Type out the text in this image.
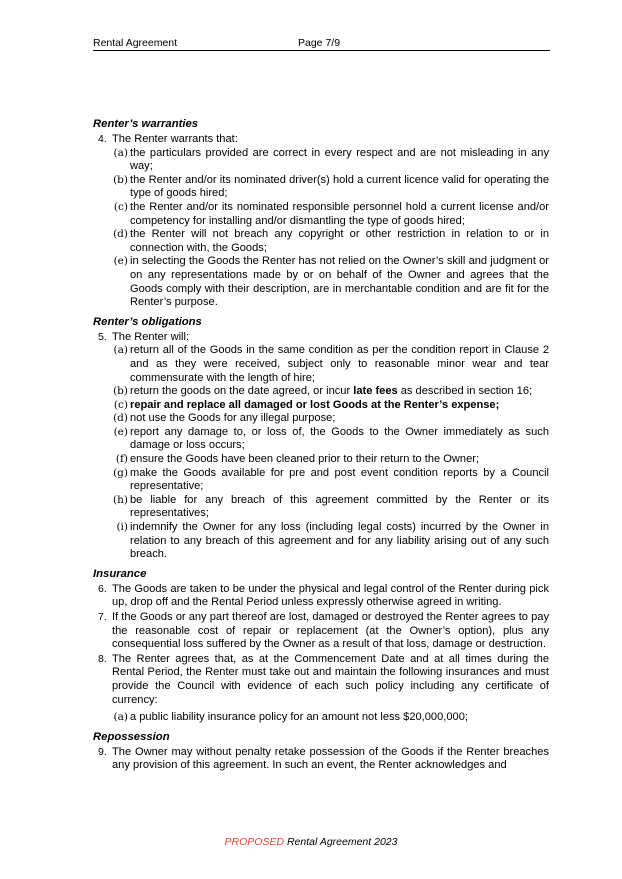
Rental Agreement	Page 7/9
Renter’s warranties
4. The Renter warrants that:
(a) the particulars provided are correct in every respect and are not misleading in any way;
(b) the Renter and/or its nominated driver(s) hold a current licence valid for operating the type of goods hired;
(c) the Renter and/or its nominated responsible personnel hold a current license and/or competency for installing and/or dismantling the type of goods hired;
(d) the Renter will not breach any copyright or other restriction in relation to or in connection with, the Goods;
(e) in selecting the Goods the Renter has not relied on the Owner’s skill and judgment or on any representations made by or on behalf of the Owner and agrees that the Goods comply with their description, are in merchantable condition and are fit for the Renter’s purpose.
Renter’s obligations
5. The Renter will:
(a) return all of the Goods in the same condition as per the condition report in Clause 2 and as they were received, subject only to reasonable minor wear and tear commensurate with the length of hire;
(b) return the goods on the date agreed, or incur late fees as described in section 16;
(c) repair and replace all damaged or lost Goods at the Renter’s expense;
(d) not use the Goods for any illegal purpose;
(e) report any damage to, or loss of, the Goods to the Owner immediately as such damage or loss occurs;
(f) ensure the Goods have been cleaned prior to their return to the Owner;
(g) make the Goods available for pre and post event condition reports by a Council representative;
(h) be liable for any breach of this agreement committed by the Renter or its representatives;
(i) indemnify the Owner for any loss (including legal costs) incurred by the Owner in relation to any breach of this agreement and for any liability arising out of any such breach.
Insurance
6. The Goods are taken to be under the physical and legal control of the Renter during pick up, drop off and the Rental Period unless expressly otherwise agreed in writing.
7. If the Goods or any part thereof are lost, damaged or destroyed the Renter agrees to pay the reasonable cost of repair or replacement (at the Owner’s option), plus any consequential loss suffered by the Owner as a result of that loss, damage or destruction.
8. The Renter agrees that, as at the Commencement Date and at all times during the Rental Period, the Renter must take out and maintain the following insurances and must provide the Council with evidence of each such policy including any certificate of currency:
(a) a public liability insurance policy for an amount not less $20,000,000;
Repossession
9. The Owner may without penalty retake possession of the Goods if the Renter breaches any provision of this agreement. In such an event, the Renter acknowledges and
PROPOSED Rental Agreement 2023
